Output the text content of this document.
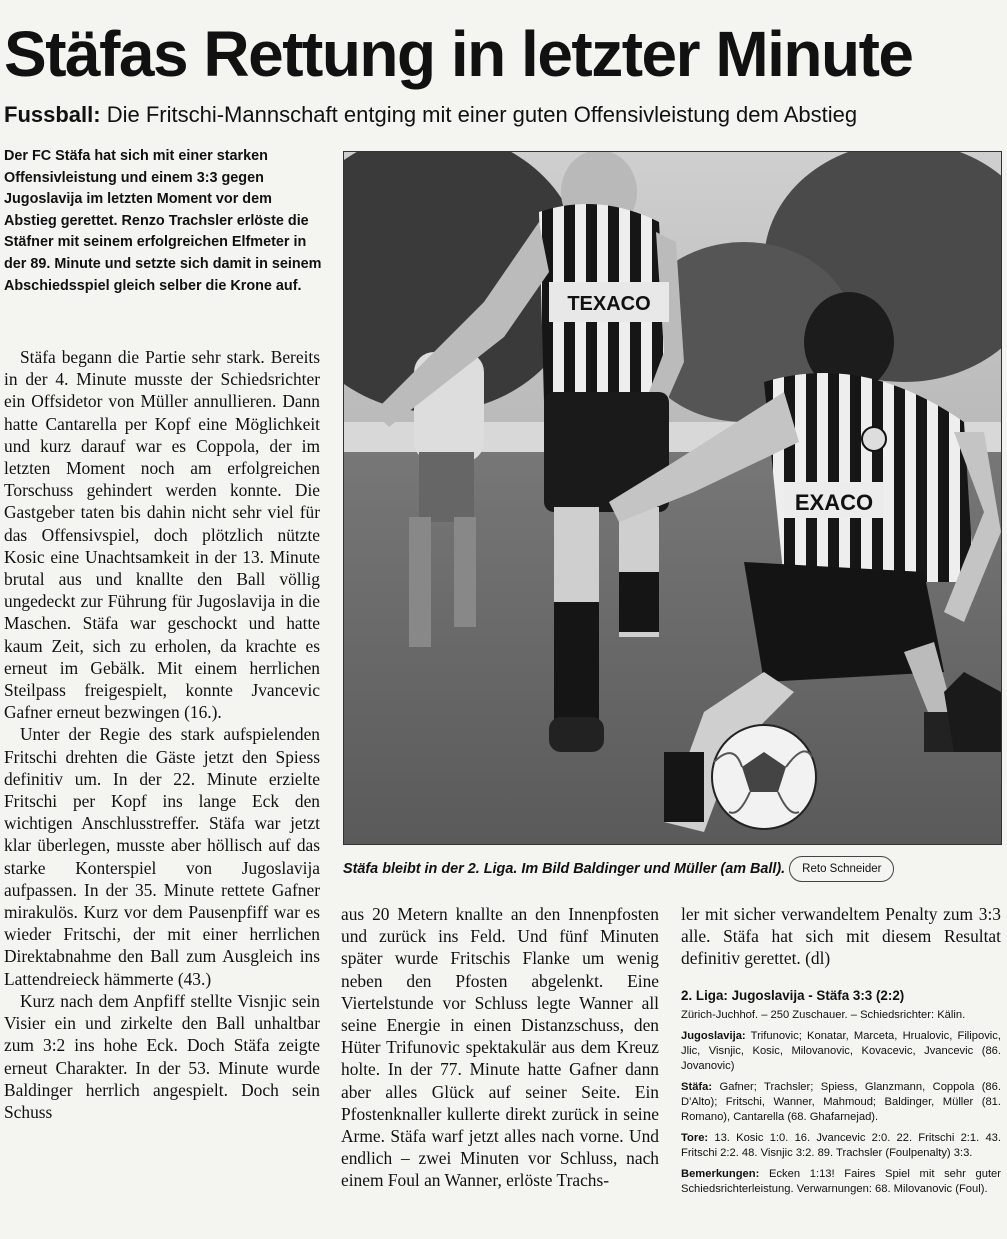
Stäfas Rettung in letzter Minute
Fussball: Die Fritschi-Mannschaft entging mit einer guten Offensivleistung dem Abstieg

Der FC Stäfa hat sich mit einer starken Offensivleistung und einem 3:3 gegen Jugoslavija im letzten Moment vor dem Abstieg gerettet. Renzo Trachsler erlöste die Stäfner mit seinem erfolgreichen Elfmeter in der 89. Minute und setzte sich damit in seinem Abschiedsspiel gleich selber die Krone auf.

Stäfa begann die Partie sehr stark. Bereits in der 4. Minute musste der Schiedsrichter ein Offsidetor von Müller annullieren. Dann hatte Cantarella per Kopf eine Möglichkeit und kurz darauf war es Coppola, der im letzten Moment noch am erfolgreichen Torschuss gehindert werden konnte. Die Gastgeber taten bis dahin nicht sehr viel für das Offensivspiel, doch plötzlich nützte Kosic eine Unachtsamkeit in der 13. Minute brutal aus und knallte den Ball völlig ungedeckt zur Führung für Jugoslavija in die Maschen. Stäfa war geschockt und hatte kaum Zeit, sich zu erholen, da krachte es erneut im Gebälk. Mit einem herrlichen Steilpass freigespielt, konnte Jvancevic Gafner erneut bezwingen (16.).

Unter der Regie des stark aufspielenden Fritschi drehten die Gäste jetzt den Spiess definitiv um. In der 22. Minute erzielte Fritschi per Kopf ins lange Eck den wichtigen Anschlusstreffer. Stäfa war jetzt klar überlegen, musste aber höllisch auf das starke Konterspiel von Jugoslavija aufpassen. In der 35. Minute rettete Gafner mirakulös. Kurz vor dem Pausenpfiff war es wieder Fritschi, der mit einer herrlichen Direktabnahme den Ball zum Ausgleich ins Lattendreieck hämmerte (43.)

Kurz nach dem Anpfiff stellte Visnjic sein Visier ein und zirkelte den Ball unhaltbar zum 3:2 ins hohe Eck. Doch Stäfa zeigte erneut Charakter. In der 53. Minute wurde Baldinger herrlich angespielt. Doch sein Schuss

TEXACO
EXACO
Stäfa bleibt in der 2. Liga. Im Bild Baldinger und Müller (am Ball). Reto Schneider

aus 20 Metern knallte an den Innenpfosten und zurück ins Feld. Und fünf Minuten später wurde Fritschis Flanke um wenig neben den Pfosten abgelenkt. Eine Viertelstunde vor Schluss legte Wanner all seine Energie in einen Distanzschuss, den Hüter Trifunovic spektakulär aus dem Kreuz holte. In der 77. Minute hatte Gafner dann aber alles Glück auf seiner Seite. Ein Pfostenknaller kullerte direkt zurück in seine Arme. Stäfa warf jetzt alles nach vorne. Und endlich – zwei Minuten vor Schluss, nach einem Foul an Wanner, erlöste Trachs-

ler mit sicher verwandeltem Penalty zum 3:3 alle. Stäfa hat sich mit diesem Resultat definitiv gerettet. (dl)

2. Liga: Jugoslavija - Stäfa 3:3 (2:2)

Zürich-Juchhof. – 250 Zuschauer. – Schiedsrichter: Kälin.

Jugoslavija: Trifunovic; Konatar, Marceta, Hrualovic, Filipovic, Jlic, Visnjic, Kosic, Milovanovic, Kovacevic, Jvancevic (86. Jovanovic)

Stäfa: Gafner; Trachsler; Spiess, Glanzmann, Coppola (86. D'Alto); Fritschi, Wanner, Mahmoud; Baldinger, Müller (81. Romano), Cantarella (68. Ghafarnejad).

Tore: 13. Kosic 1:0. 16. Jvancevic 2:0. 22. Fritschi 2:1. 43. Fritschi 2:2. 48. Visnjic 3:2. 89. Trachsler (Foulpenalty) 3:3.

Bemerkungen: Ecken 1:13! Faires Spiel mit sehr guter Schiedsrichterleistung. Verwarnungen: 68. Milovanovic (Foul).
